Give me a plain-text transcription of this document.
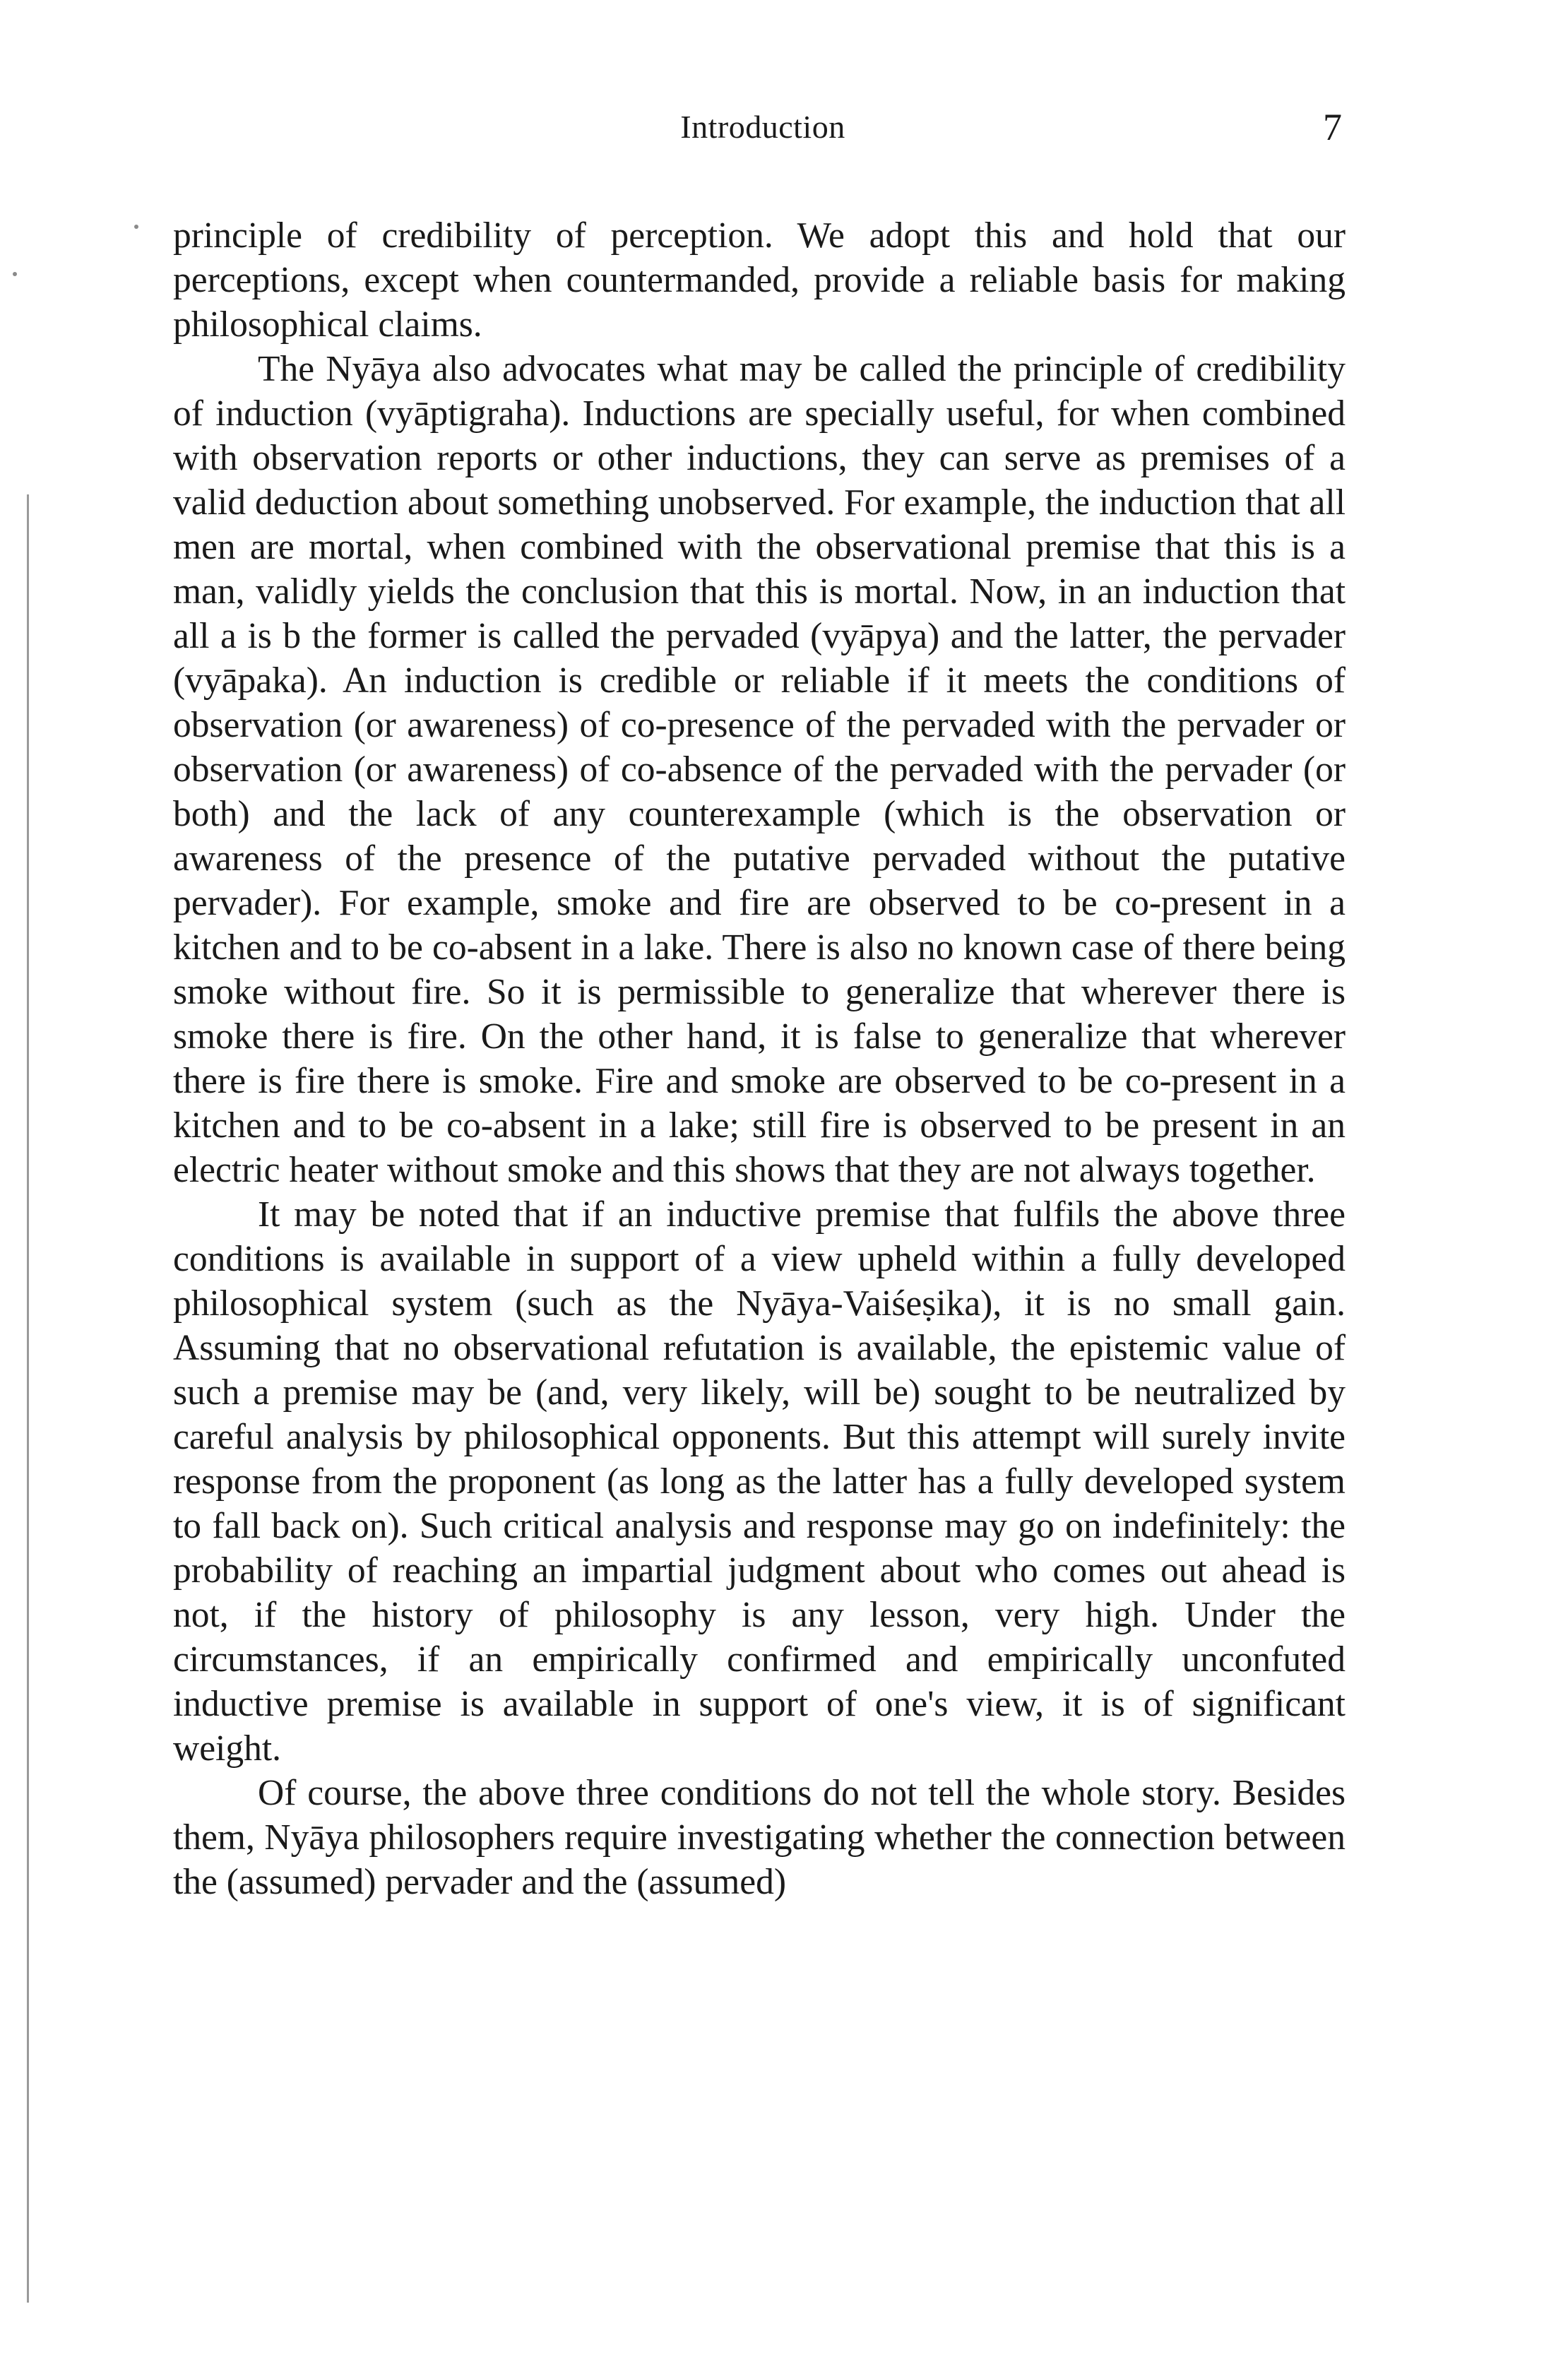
Introduction	7

principle of credibility of perception. We adopt this and hold that our perceptions, except when countermanded, provide a reliable basis for making philosophical claims.

The Nyāya also advocates what may be called the principle of credibility of induction (vyāptigraha). Inductions are specially useful, for when combined with observation reports or other inductions, they can serve as premises of a valid deduction about something unobserved. For example, the induction that all men are mortal, when combined with the observational premise that this is a man, validly yields the conclusion that this is mortal. Now, in an induction that all a is b the former is called the pervaded (vyāpya) and the latter, the pervader (vyāpaka). An induction is credible or reliable if it meets the conditions of observation (or awareness) of co-presence of the pervaded with the pervader or observation (or awareness) of co-absence of the pervaded with the pervader (or both) and the lack of any counterexample (which is the observation or awareness of the presence of the putative pervaded without the putative pervader). For example, smoke and fire are observed to be co-present in a kitchen and to be co-absent in a lake. There is also no known case of there being smoke without fire. So it is permissible to generalize that wherever there is smoke there is fire. On the other hand, it is false to generalize that wherever there is fire there is smoke. Fire and smoke are observed to be co-present in a kitchen and to be co-absent in a lake; still fire is observed to be present in an electric heater without smoke and this shows that they are not always together.

It may be noted that if an inductive premise that fulfils the above three conditions is available in support of a view upheld within a fully developed philosophical system (such as the Nyāya-Vaiśeṣika), it is no small gain. Assuming that no observational refutation is available, the epistemic value of such a premise may be (and, very likely, will be) sought to be neutralized by careful analysis by philosophical opponents. But this attempt will surely invite response from the proponent (as long as the latter has a fully developed system to fall back on). Such critical analysis and response may go on indefinitely: the probability of reaching an impartial judgment about who comes out ahead is not, if the history of philosophy is any lesson, very high. Under the circumstances, if an empirically confirmed and empirically unconfuted inductive premise is available in support of one's view, it is of significant weight.

Of course, the above three conditions do not tell the whole story. Besides them, Nyāya philosophers require investigating whether the connection between the (assumed) pervader and the (assumed)
